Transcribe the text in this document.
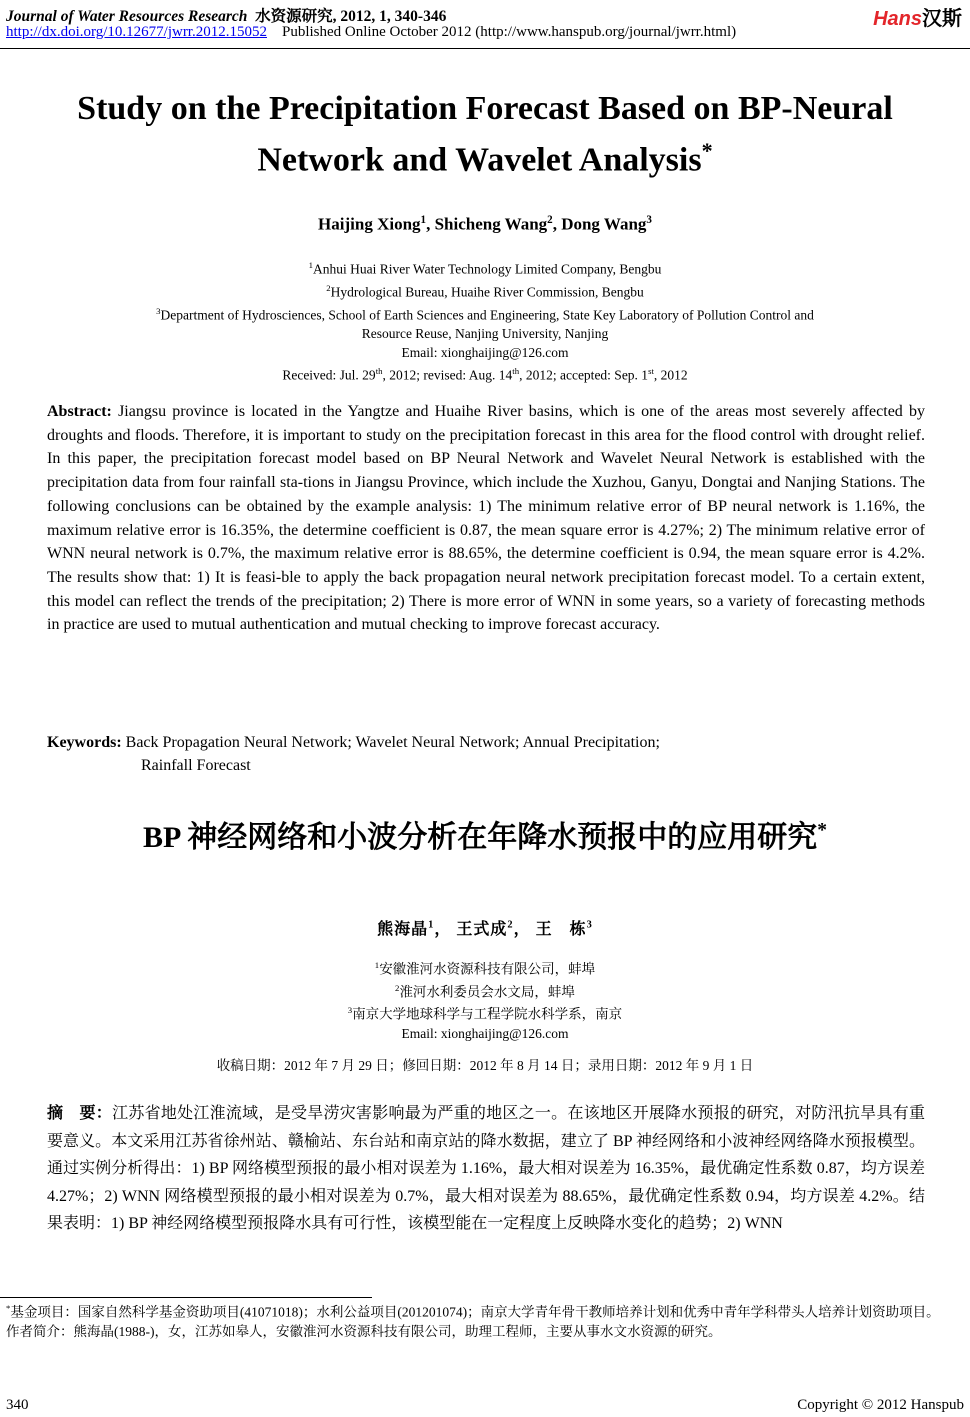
Journal of Water Resources Research 水资源研究, 2012, 1, 340-346
http://dx.doi.org/10.12677/jwrr.2012.15052 Published Online October 2012 (http://www.hanspub.org/journal/jwrr.html)
Hans汉斯
Study on the Precipitation Forecast Based on BP-Neural
Network and Wavelet Analysis*
Haijing Xiong$^1$, Shicheng Wang$^2$, Dong Wang$^3$
$^1$Anhui Huai River Water Technology Limited Company, Bengbu
$^2$Hydrological Bureau, Huaihe River Commission, Bengbu
$^3$Department of Hydrosciences, School of Earth Sciences and Engineering, State Key Laboratory of Pollution Control and
Resource Reuse, Nanjing University, Nanjing
Email: xionghaijing@126.com
Received: Jul. 29th, 2012; revised: Aug. 14th, 2012; accepted: Sep. 1st, 2012
Abstract: Jiangsu province is located in the Yangtze and Huaihe River basins, which is one of the areas most severely affected by droughts and floods. Therefore, it is important to study on the precipitation forecast in this area for the flood control with drought relief. In this paper, the precipitation forecast model based on BP Neural Network and Wavelet Neural Network is established with the precipitation data from four rainfall sta-tions in Jiangsu Province, which include the Xuzhou, Ganyu, Dongtai and Nanjing Stations. The following conclusions can be obtained by the example analysis: 1) The minimum relative error of BP neural network is 1.16%, the maximum relative error is 16.35%, the determine coefficient is 0.87, the mean square error is 4.27%; 2) The minimum relative error of WNN neural network is 0.7%, the maximum relative error is 88.65%, the determine coefficient is 0.94, the mean square error is 4.2%. The results show that: 1) It is feasi-ble to apply the back propagation neural network precipitation forecast model. To a certain extent, this model can reflect the trends of the precipitation; 2) There is more error of WNN in some years, so a variety of forecasting methods in practice are used to mutual authentication and mutual checking to improve forecast accuracy.
Keywords: Back Propagation Neural Network; Wavelet Neural Network; Annual Precipitation;
Rainfall Forecast
BP 神经网络和小波分析在年降水预报中的应用研究*
熊海晶$^1$， 王式成$^2$， 王　栋$^3$
$^1$安徽淮河水资源科技有限公司，蚌埠
$^2$淮河水利委员会水文局，蚌埠
$^3$南京大学地球科学与工程学院水科学系，南京
Email: xionghaijing@126.com
收稿日期：2012 年 7 月 29 日；修回日期：2012 年 8 月 14 日；录用日期：2012 年 9 月 1 日
摘　要：江苏省地处江淮流域，是受旱涝灾害影响最为严重的地区之一。在该地区开展降水预报的研究，对防汛抗旱具有重要意义。本文采用江苏省徐州站、赣榆站、东台站和南京站的降水数据，建立了 BP 神经网络和小波神经网络降水预报模型。通过实例分析得出：1) BP 网络模型预报的最小相对误差为 1.16%，最大相对误差为 16.35%，最优确定性系数 0.87，均方误差 4.27%；2) WNN 网络模型预报的最小相对误差为 0.7%，最大相对误差为 88.65%，最优确定性系数 0.94，均方误差 4.2%。结果表明：1) BP 神经网络模型预报降水具有可行性，该模型能在一定程度上反映降水变化的趋势；2) WNN
*基金项目：国家自然科学基金资助项目(41071018)；水利公益项目(201201074)；南京大学青年骨干教师培养计划和优秀中青年学科带头人培养计划资助项目。
作者简介：熊海晶(1988-)，女，江苏如皋人，安徽淮河水资源科技有限公司，助理工程师，主要从事水文水资源的研究。
340	Copyright © 2012 Hanspub
